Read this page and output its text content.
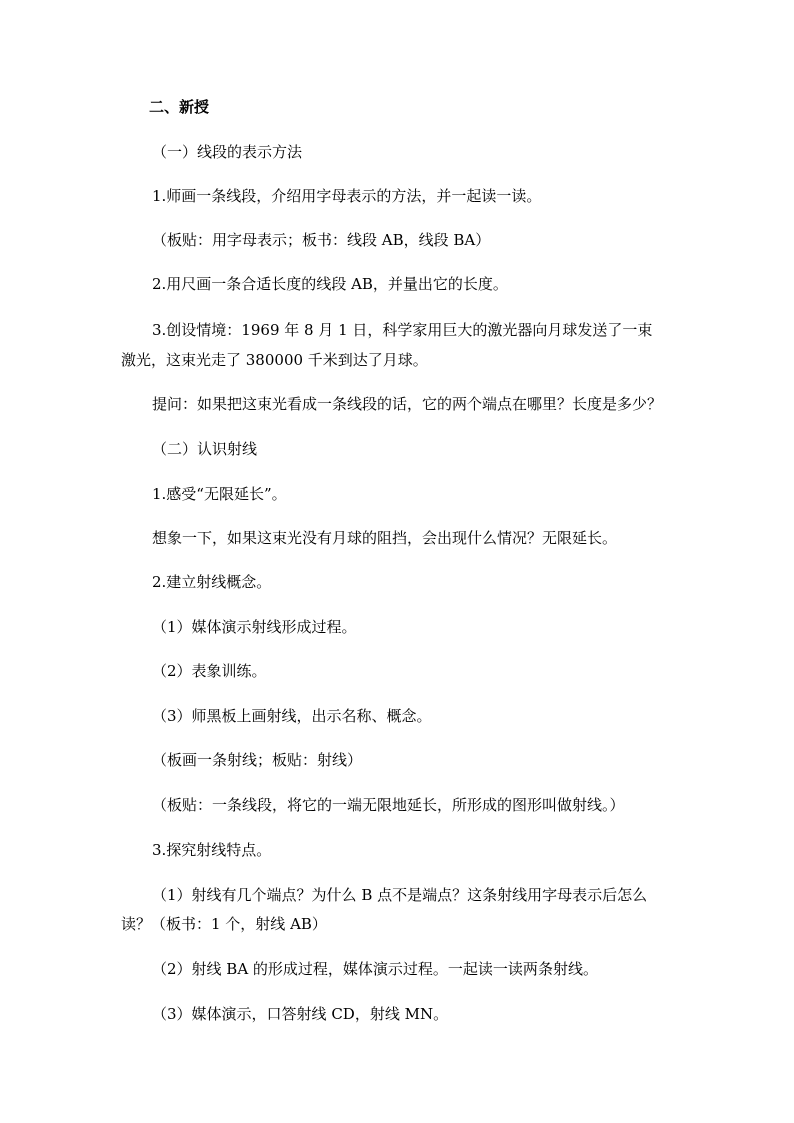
二、新授

（一）线段的表示方法

1.师画一条线段，介绍用字母表示的方法，并一起读一读。

（板贴：用字母表示；板书：线段 AB，线段 BA）

2.用尺画一条合适长度的线段 AB，并量出它的长度。

3.创设情境：1969 年 8 月 1 日，科学家用巨大的激光器向月球发送了一束

激光，这束光走了 380000 千米到达了月球。

提问：如果把这束光看成一条线段的话，它的两个端点在哪里？长度是多少？

（二）认识射线

1.感受“无限延长”。

想象一下，如果这束光没有月球的阻挡，会出现什么情况？无限延长。

2.建立射线概念。

（1）媒体演示射线形成过程。

（2）表象训练。

（3）师黑板上画射线，出示名称、概念。

（板画一条射线；板贴：射线）

（板贴：一条线段，将它的一端无限地延长，所形成的图形叫做射线。）

3.探究射线特点。

（1）射线有几个端点？为什么 B 点不是端点？这条射线用字母表示后怎么

读？（板书：1 个，射线 AB）

（2）射线 BA 的形成过程，媒体演示过程。一起读一读两条射线。

（3）媒体演示，口答射线 CD，射线 MN。
